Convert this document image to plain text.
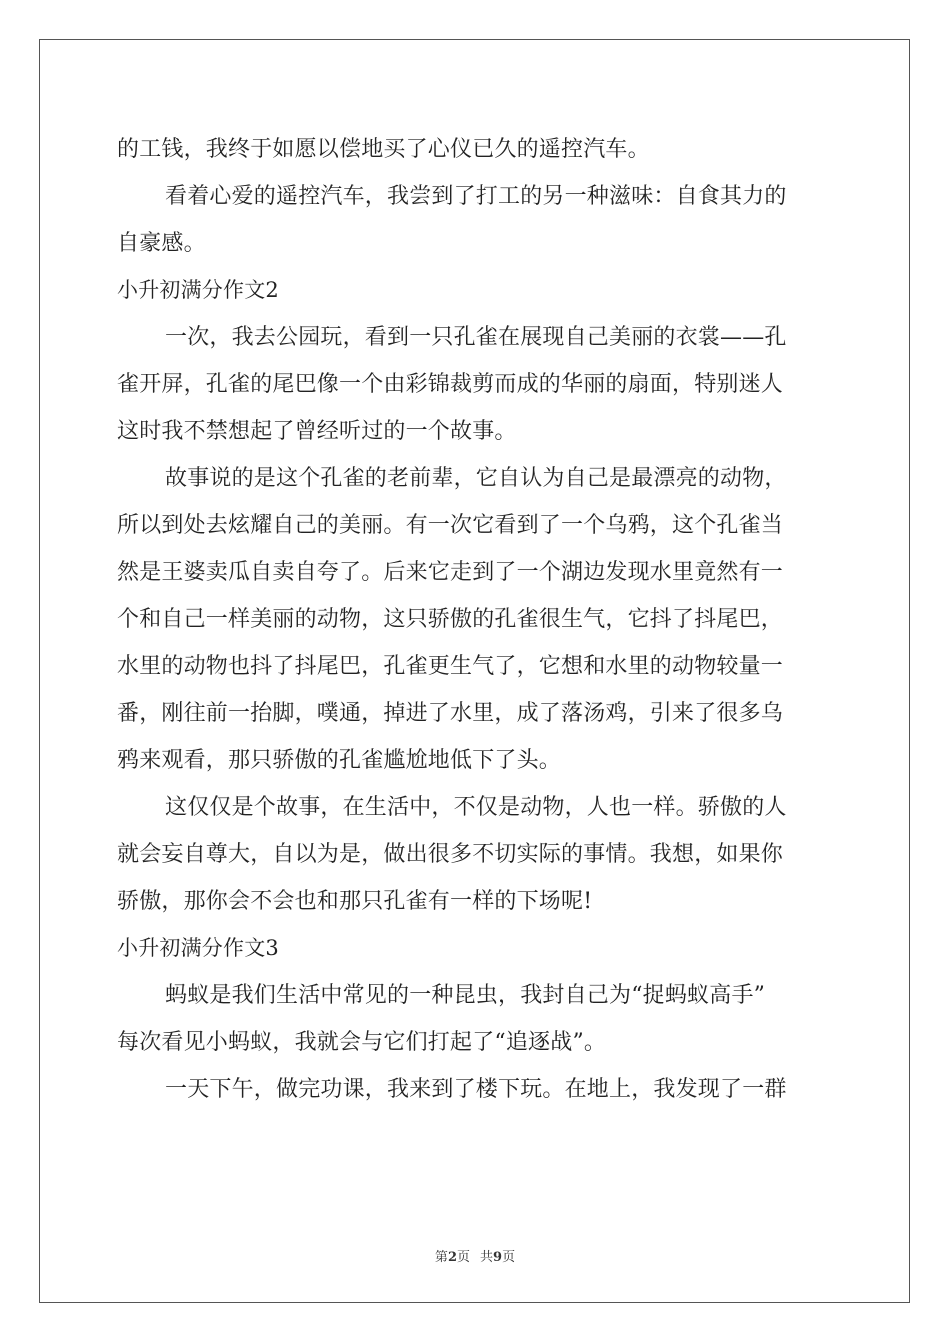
的工钱，我终于如愿以偿地买了心仪已久的遥控汽车。
看着心爱的遥控汽车，我尝到了打工的另一种滋味：自食其力的
自豪感。
小升初满分作文2
一次，我去公园玩，看到一只孔雀在展现自己美丽的衣裳——孔
雀开屏，孔雀的尾巴像一个由彩锦裁剪而成的华丽的扇面，特别迷人
这时我不禁想起了曾经听过的一个故事。
故事说的是这个孔雀的老前辈，它自认为自己是最漂亮的动物，
所以到处去炫耀自己的美丽。有一次它看到了一个乌鸦，这个孔雀当
然是王婆卖瓜自卖自夸了。后来它走到了一个湖边发现水里竟然有一
个和自己一样美丽的动物，这只骄傲的孔雀很生气，它抖了抖尾巴，
水里的动物也抖了抖尾巴，孔雀更生气了，它想和水里的动物较量一
番，刚往前一抬脚，噗通，掉进了水里，成了落汤鸡，引来了很多乌
鸦来观看，那只骄傲的孔雀尴尬地低下了头。
这仅仅是个故事，在生活中，不仅是动物，人也一样。骄傲的人
就会妄自尊大，自以为是，做出很多不切实际的事情。我想，如果你
骄傲，那你会不会也和那只孔雀有一样的下场呢!
小升初满分作文3
蚂蚁是我们生活中常见的一种昆虫，我封自己为“捉蚂蚁高手”
每次看见小蚂蚁，我就会与它们打起了“追逐战”。
一天下午，做完功课，我来到了楼下玩。在地上，我发现了一群
第2页 共9页
